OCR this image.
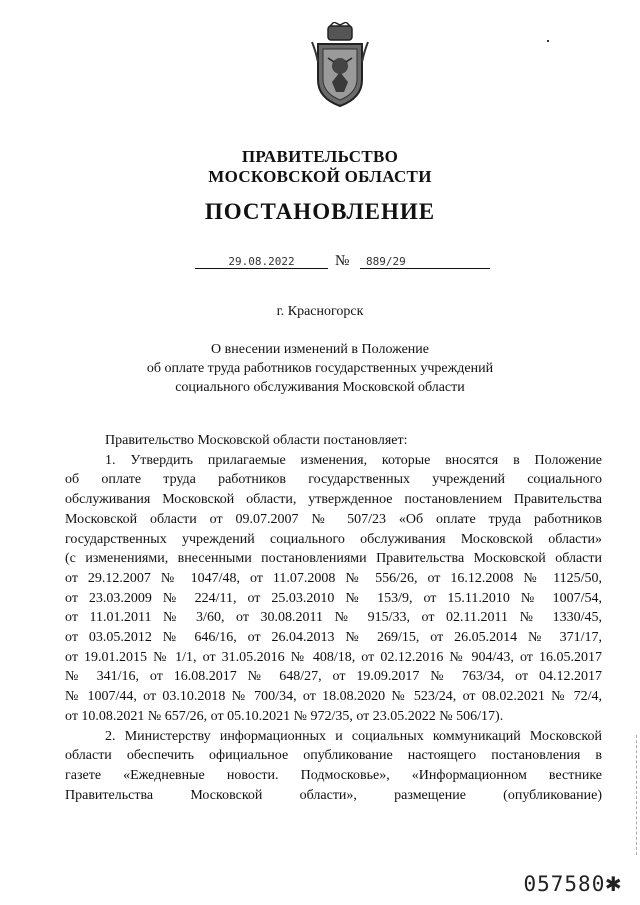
ПРАВИТЕЛЬСТВО
МОСКОВСКОЙ ОБЛАСТИ
ПОСТАНОВЛЕНИЕ
29.08.2022	№	889/29
г. Красногорск
О внесении изменений в Положение
об оплате труда работников государственных учреждений
социального обслуживания Московской области

Правительство Московской области постановляет:

1. Утвердить прилагаемые изменения, которые вносятся в Положение

об оплате труда работников государственных учреждений социального

обслуживания Московской области, утвержденное постановлением Правительства

Московской области от 09.07.2007 № 507/23 «Об оплате труда работников

государственных учреждений социального обслуживания Московской области»

(с изменениями, внесенными постановлениями Правительства Московской области

от 29.12.2007 № 1047/48, от 11.07.2008 № 556/26, от 16.12.2008 № 1125/50,

от 23.03.2009 № 224/11, от 25.03.2010 № 153/9, от 15.11.2010 № 1007/54,

от 11.01.2011 № 3/60, от 30.08.2011 № 915/33, от 02.11.2011 № 1330/45,

от 03.05.2012 № 646/16, от 26.04.2013 № 269/15, от 26.05.2014 № 371/17,

от 19.01.2015 № 1/1, от 31.05.2016 № 408/18, от 02.12.2016 № 904/43, от 16.05.2017

№ 341/16, от 16.08.2017 № 648/27, от 19.09.2017 № 763/34, от 04.12.2017

№ 1007/44, от 03.10.2018 № 700/34, от 18.08.2020 № 523/24, от 08.02.2021 № 72/4,

от 10.08.2021 № 657/26, от 05.10.2021 № 972/35, от 23.05.2022 № 506/17).

2. Министерству информационных и социальных коммуникаций Московской

области обеспечить официальное опубликование настоящего постановления в

газете «Ежедневные новости. Подмосковье», «Информационном вестнике

Правительства Московской области», размещение (опубликование)

057580✱
